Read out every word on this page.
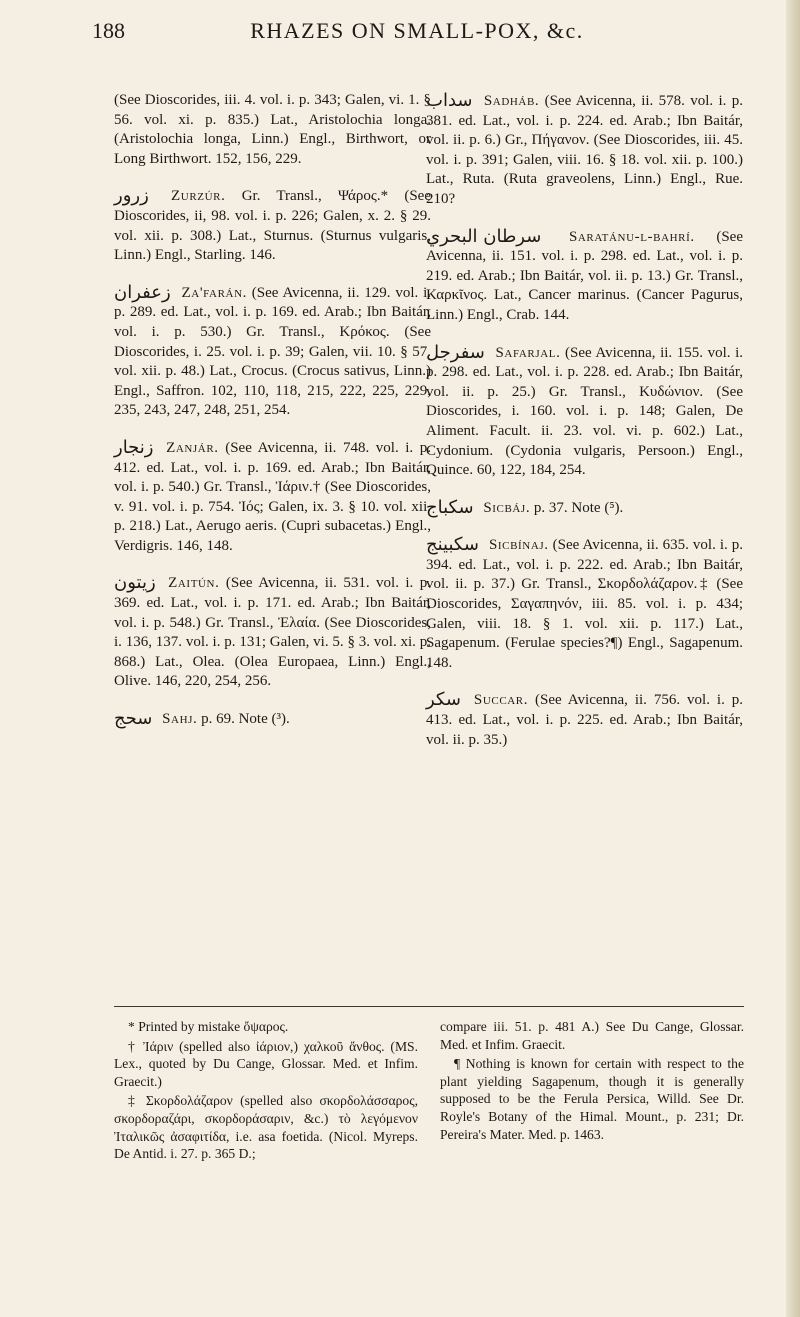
188	RHAZES ON SMALL-POX, &c.

(See Dioscorides, iii. 4. vol. i. p. 343; Galen, vi. 1. § 56. vol. xi. p. 835.) Lat., Aristolochia longa. (Aristolochia longa, Linn.) Engl., Birthwort, or Long Birthwort. 152, 156, 229.

زرور Zurzúr. Gr. Transl., Ψάρος.* (See Dioscorides, ii, 98. vol. i. p. 226; Galen, x. 2. § 29. vol. xii. p. 308.) Lat., Sturnus. (Sturnus vulgaris, Linn.) Engl., Starling. 146.

زعفران Za'farán. (See Avicenna, ii. 129. vol. i. p. 289. ed. Lat., vol. i. p. 169. ed. Arab.; Ibn Baitár, vol. i. p. 530.) Gr. Transl., Κρόκος. (See Dioscorides, i. 25. vol. i. p. 39; Galen, vii. 10. § 57. vol. xii. p. 48.) Lat., Crocus. (Crocus sativus, Linn.) Engl., Saffron. 102, 110, 118, 215, 222, 225, 229, 235, 243, 247, 248, 251, 254.

زنجار Zanjár. (See Avicenna, ii. 748. vol. i. p. 412. ed. Lat., vol. i. p. 169. ed. Arab.; Ibn Baitár, vol. i. p. 540.) Gr. Transl., Ἰάριν.† (See Dioscorides, v. 91. vol. i. p. 754. Ἰός; Galen, ix. 3. § 10. vol. xii. p. 218.) Lat., Aerugo aeris. (Cupri subacetas.) Engl., Verdigris. 146, 148.

زيتون Zaitún. (See Avicenna, ii. 531. vol. i. p. 369. ed. Lat., vol. i. p. 171. ed. Arab.; Ibn Baitár, vol. i. p. 548.) Gr. Transl., Ἐλαία. (See Dioscorides, i. 136, 137. vol. i. p. 131; Galen, vi. 5. § 3. vol. xi. p. 868.) Lat., Olea. (Olea Europaea, Linn.) Engl., Olive. 146, 220, 254, 256.

سحج Sahj. p. 69. Note (³).

سداب Sadháb. (See Avicenna, ii. 578. vol. i. p. 381. ed. Lat., vol. i. p. 224. ed. Arab.; Ibn Baitár, vol. ii. p. 6.) Gr., Πήγανον. (See Dioscorides, iii. 45. vol. i. p. 391; Galen, viii. 16. § 18. vol. xii. p. 100.) Lat., Ruta. (Ruta graveolens, Linn.) Engl., Rue. 210?

سرطان البحري Saratánu-l-bahrí. (See Avicenna, ii. 151. vol. i. p. 298. ed. Lat., vol. i. p. 219. ed. Arab.; Ibn Baitár, vol. ii. p. 13.) Gr. Transl., Καρκῖνος. Lat., Cancer marinus. (Cancer Pagurus, Linn.) Engl., Crab. 144.

سفرجل Safarjal. (See Avicenna, ii. 155. vol. i. p. 298. ed. Lat., vol. i. p. 228. ed. Arab.; Ibn Baitár, vol. ii. p. 25.) Gr. Transl., Κυδώνιον. (See Dioscorides, i. 160. vol. i. p. 148; Galen, De Aliment. Facult. ii. 23. vol. vi. p. 602.) Lat., Cydonium. (Cydonia vulgaris, Persoon.) Engl., Quince. 60, 122, 184, 254.

سكباج Sicbáj. p. 37. Note (⁵).

سكبينج Sicbínaj. (See Avicenna, ii. 635. vol. i. p. 394. ed. Lat., vol. i. p. 222. ed. Arab.; Ibn Baitár, vol. ii. p. 37.) Gr. Transl., Σκορδολάζαρον.‡ (See Dioscorides, Σαγαπηνόν, iii. 85. vol. i. p. 434; Galen, viii. 18. § 1. vol. xii. p. 117.) Lat., Sagapenum. (Ferulae species?¶) Engl., Sagapenum. 148.

سكر Succar. (See Avicenna, ii. 756. vol. i. p. 413. ed. Lat., vol. i. p. 225. ed. Arab.; Ibn Baitár, vol. ii. p. 35.)

* Printed by mistake ὄψαρος.

† Ἰάριν (spelled also ἰάριον,) χαλκοῦ ἄνθος. (MS. Lex., quoted by Du Cange, Glossar. Med. et Infim. Graecit.)

‡ Σκορδολάζαρον (spelled also σκορδολάσσαρος, σκορδοραζάρι, σκορδοράσαριν, &c.) τὸ λεγόμενον Ἰταλικῶς ἀσαφιτίδα, i.e. asa foetida. (Nicol. Myreps. De Antid. i. 27. p. 365 D.;

compare iii. 51. p. 481 A.) See Du Cange, Glossar. Med. et Infim. Graecit.

¶ Nothing is known for certain with respect to the plant yielding Sagapenum, though it is generally supposed to be the Ferula Persica, Willd. See Dr. Royle's Botany of the Himal. Mount., p. 231; Dr. Pereira's Mater. Med. p. 1463.
